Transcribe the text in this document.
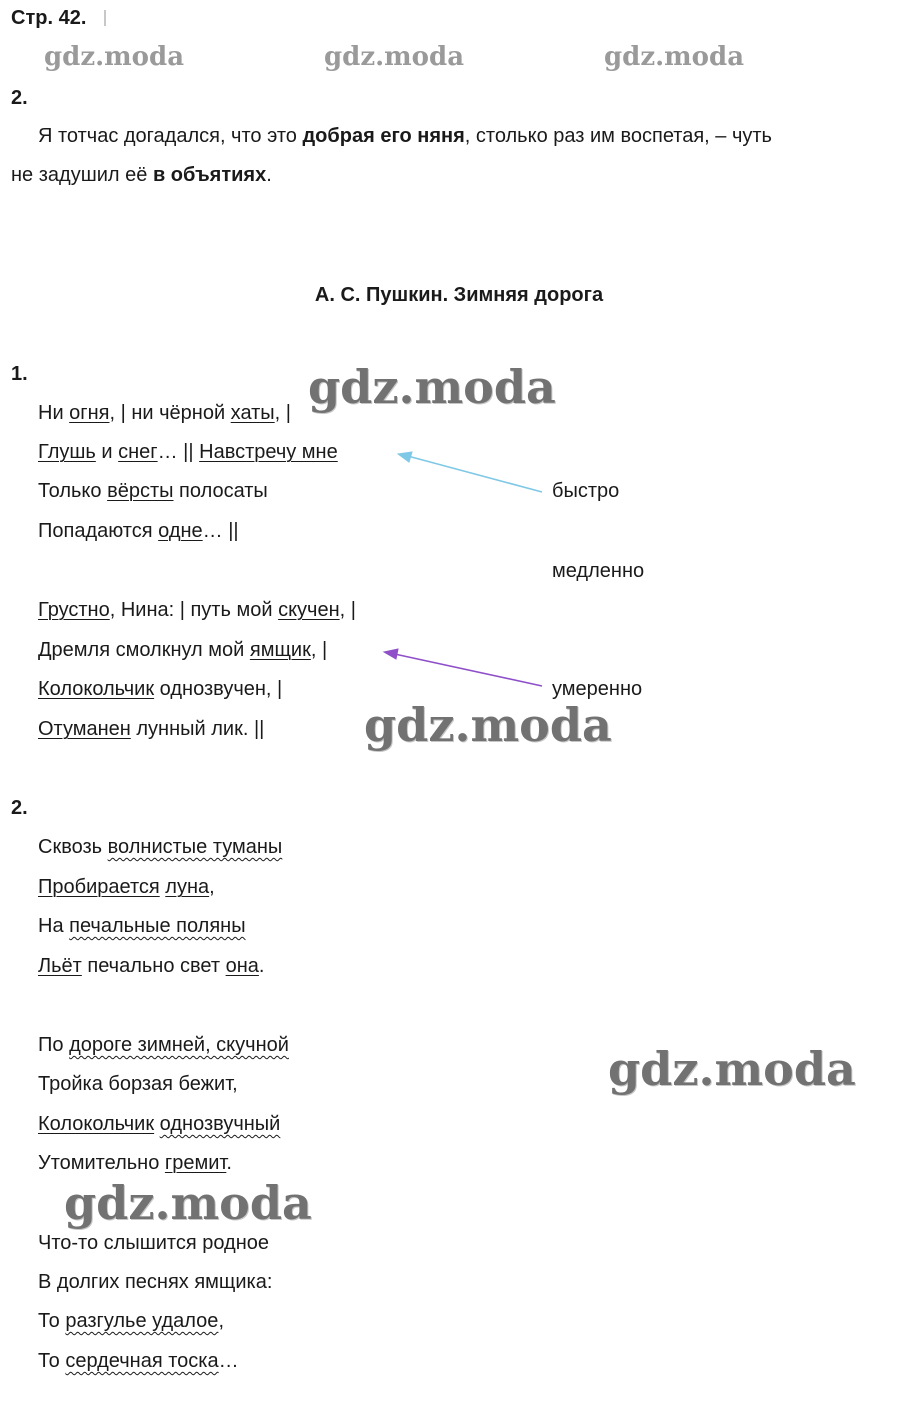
Стр. 42.
gdz.moda	gdz.moda	gdz.moda
2.
Я тотчас догадался, что это добрая его няня, столько раз им воспетая, – чуть
не задушил её в объятиях.
А. С. Пушкин. Зимняя дорога
1.
Ни огня, | ни чёрной хаты, |
Глушь и снег… || Навстречу мне
Только вёрсты полосаты
Попадаются одне… ||
Грустно, Нина: | путь мой скучен, |
Дремля смолкнул мой ямщик, |
Колокольчик однозвучен, |
Отуманен лунный лик. ||
быстро
медленно
умеренно
gdz.moda
gdz.moda
gdz.moda
gdz.moda
2.
Сквозь волнистые туманы
Пробирается луна,
На печальные поляны
Льёт печально свет она.
По дороге зимней, скучной
Тройка борзая бежит,
Колокольчик однозвучный
Утомительно гремит.
Что-то слышится родное
В долгих песнях ямщика:
То разгулье удалое,
То сердечная тоска…
